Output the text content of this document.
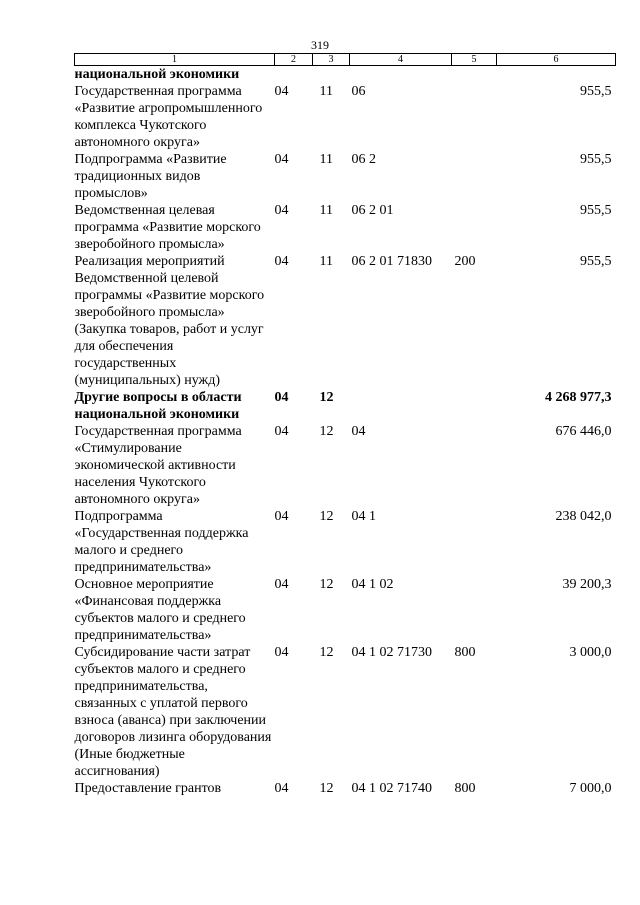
319
1	2	3	4	5	6
национальной экономики					
Государственная программа «Развитие агропромышленного комплекса Чукотского автономного округа»	04	11	06		955,5
Подпрограмма «Развитие традиционных видов промыслов»	04	11	06 2		955,5
Ведомственная целевая программа «Развитие морского зверобойного промысла»	04	11	06 2 01		955,5
Реализация мероприятий Ведомственной целевой программы «Развитие морского зверобойного промысла» (Закупка товаров, работ и услуг для обеспечения государственных (муниципальных) нужд)	04	11	06 2 01 71830	200	955,5
Другие вопросы в области национальной экономики	04	12			4 268 977,3
Государственная программа «Стимулирование экономической активности населения Чукотского автономного округа»	04	12	04		676 446,0
Подпрограмма «Государственная поддержка малого и среднего предпринимательства»	04	12	04 1		238 042,0
Основное мероприятие «Финансовая поддержка субъектов малого и среднего предпринимательства»	04	12	04 1 02		39 200,3
Субсидирование части затрат субъектов малого и среднего предпринимательства, связанных с уплатой первого взноса (аванса) при заключении договоров лизинга оборудования (Иные бюджетные ассигнования)	04	12	04 1 02 71730	800	3 000,0
Предоставление грантов	04	12	04 1 02 71740	800	7 000,0
